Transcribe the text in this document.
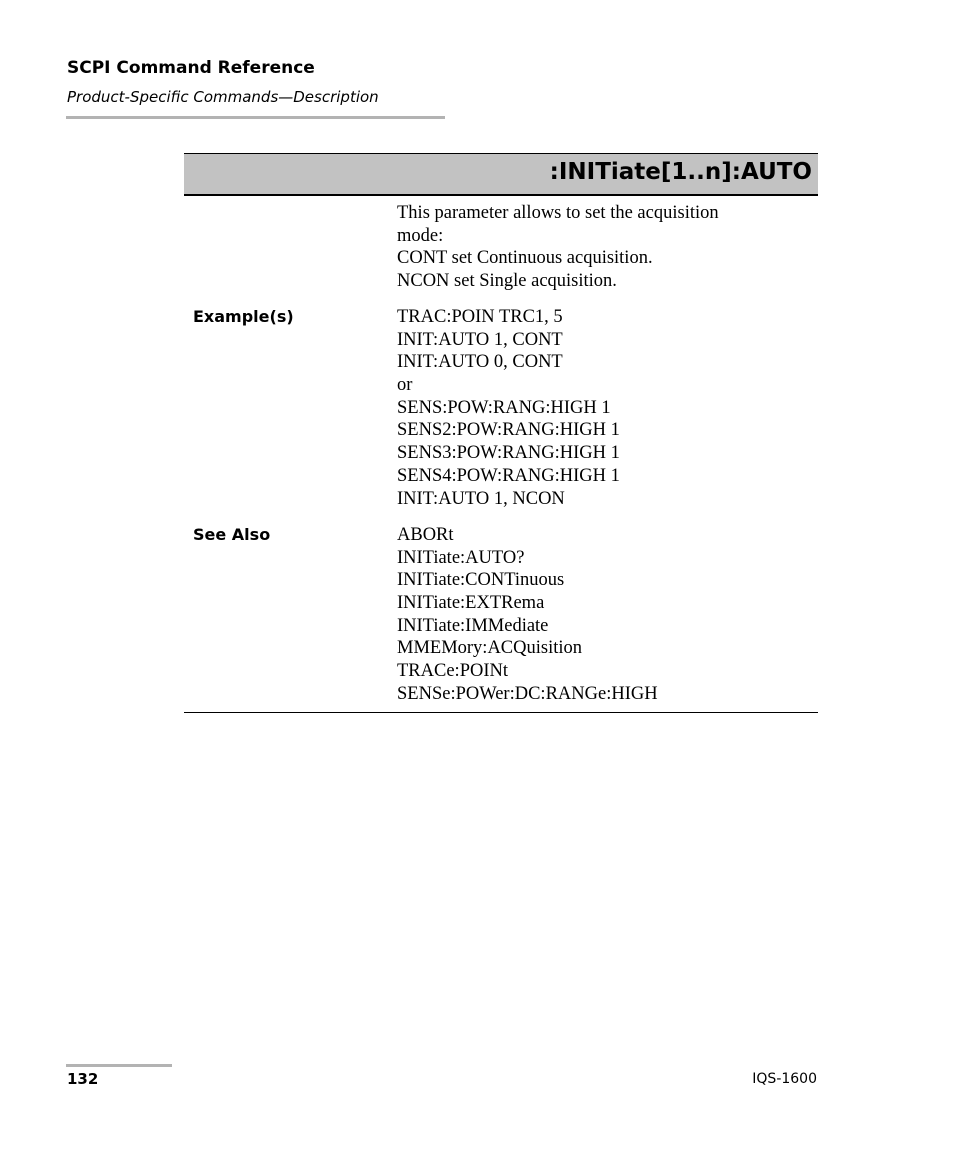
SCPI Command Reference
Product-Specific Commands—Description
:INITiate[1..n]:AUTO
This parameter allows to set the acquisition
mode:
CONT set Continuous acquisition.
NCON set Single acquisition.
Example(s)	TRAC:POIN TRC1, 5
INIT:AUTO 1, CONT
INIT:AUTO 0, CONT
or
SENS:POW:RANG:HIGH 1
SENS2:POW:RANG:HIGH 1
SENS3:POW:RANG:HIGH 1
SENS4:POW:RANG:HIGH 1
INIT:AUTO 1, NCON
See Also	ABORt
INITiate:AUTO?
INITiate:CONTinuous
INITiate:EXTRema
INITiate:IMMediate
MMEMory:ACQuisition
TRACe:POINt
SENSe:POWer:DC:RANGe:HIGH
132	IQS-1600
